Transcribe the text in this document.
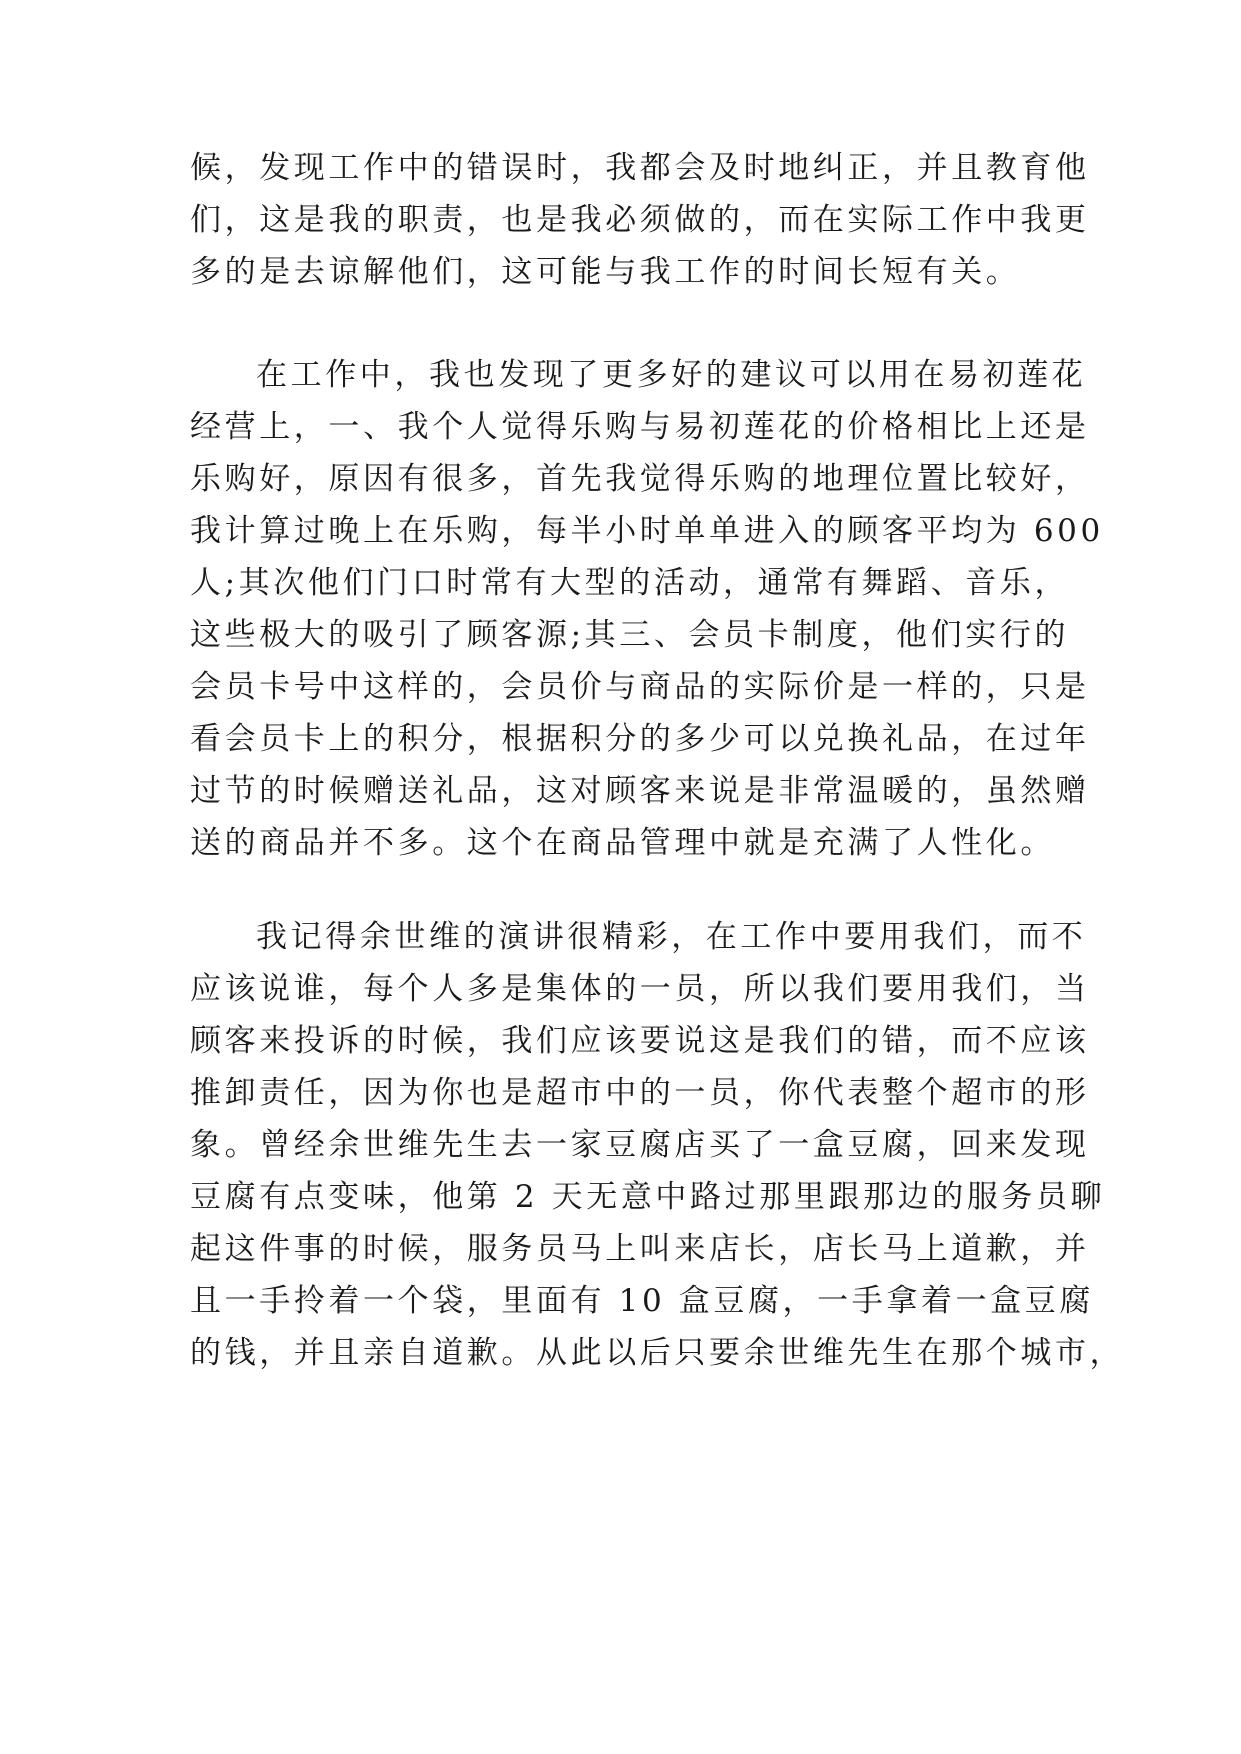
候，发现工作中的错误时，我都会及时地纠正，并且教育他
们，这是我的职责，也是我必须做的，而在实际工作中我更
多的是去谅解他们，这可能与我工作的时间长短有关。
在工作中，我也发现了更多好的建议可以用在易初莲花
经营上，一、我个人觉得乐购与易初莲花的价格相比上还是
乐购好，原因有很多，首先我觉得乐购的地理位置比较好，
我计算过晚上在乐购，每半小时单单进入的顾客平均为 600
人;其次他们门口时常有大型的活动，通常有舞蹈、音乐，
这些极大的吸引了顾客源;其三、会员卡制度，他们实行的
会员卡号中这样的，会员价与商品的实际价是一样的，只是
看会员卡上的积分，根据积分的多少可以兑换礼品，在过年
过节的时候赠送礼品，这对顾客来说是非常温暖的，虽然赠
送的商品并不多。这个在商品管理中就是充满了人性化。
我记得余世维的演讲很精彩，在工作中要用我们，而不
应该说谁，每个人多是集体的一员，所以我们要用我们，当
顾客来投诉的时候，我们应该要说这是我们的错，而不应该
推卸责任，因为你也是超市中的一员，你代表整个超市的形
象。曾经余世维先生去一家豆腐店买了一盒豆腐，回来发现
豆腐有点变味，他第 2 天无意中路过那里跟那边的服务员聊
起这件事的时候，服务员马上叫来店长，店长马上道歉，并
且一手拎着一个袋，里面有 10 盒豆腐，一手拿着一盒豆腐
的钱，并且亲自道歉。从此以后只要余世维先生在那个城市，
